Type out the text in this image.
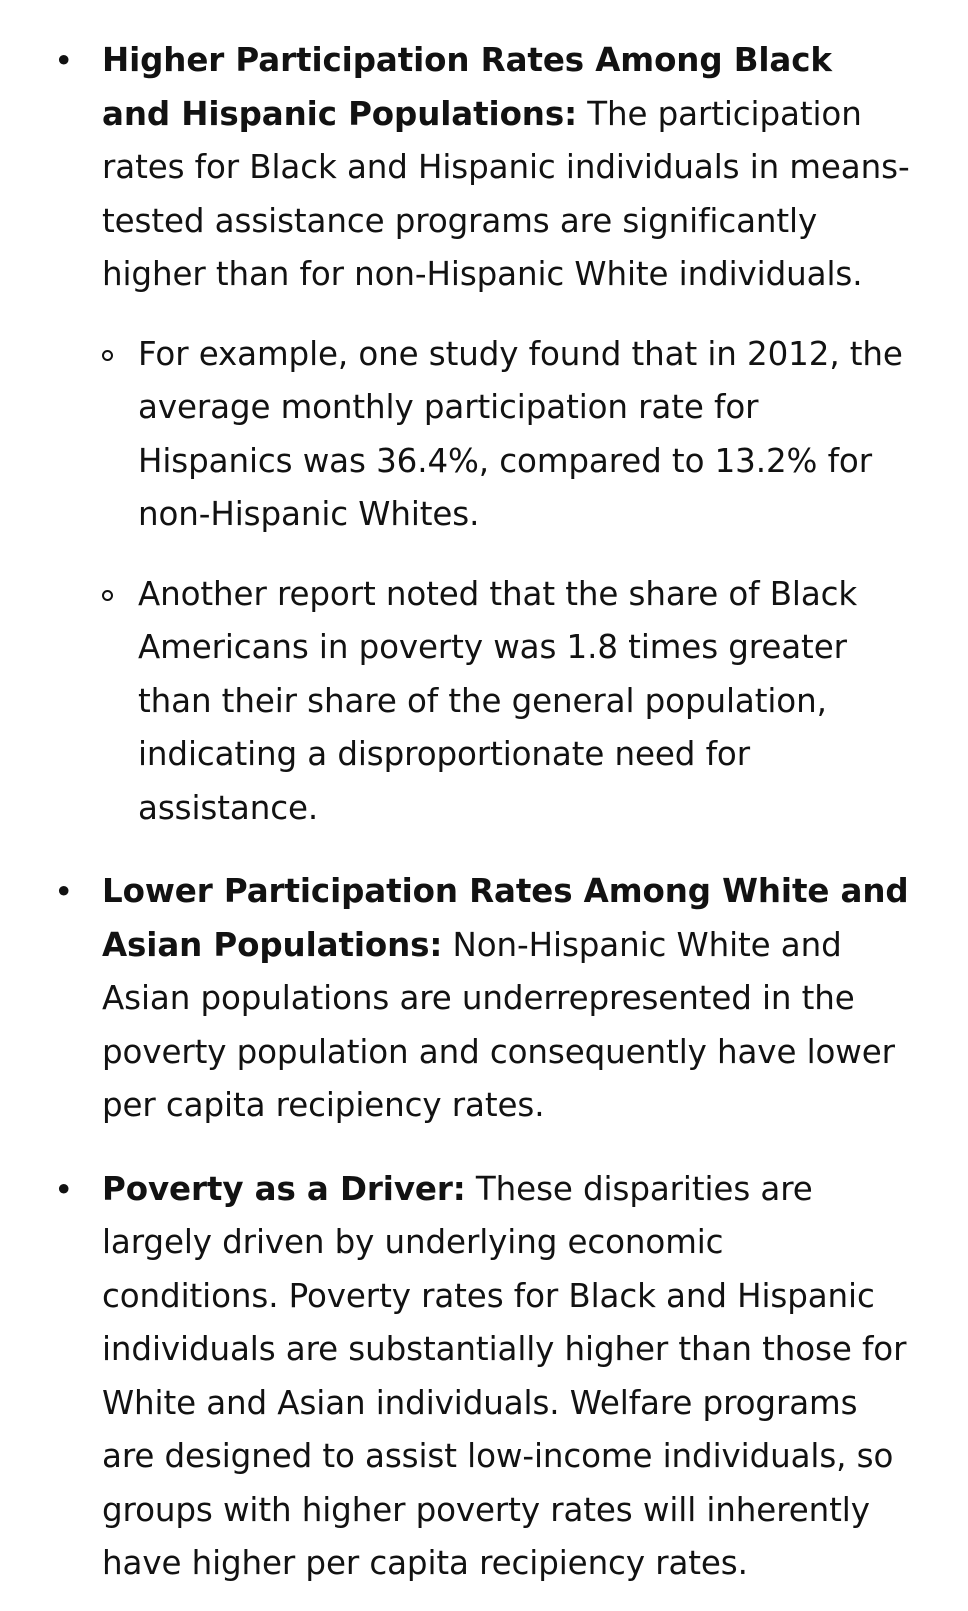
• Higher Participation Rates Among Black and Hispanic Populations: The participation rates for Black and Hispanic individuals in means-tested assistance programs are significantly higher than for non-Hispanic White individuals.
For example, one study found that in 2012, the average monthly participation rate for Hispanics was 36.4%, compared to 13.2% for non-Hispanic Whites.
Another report noted that the share of Black Americans in poverty was 1.8 times greater than their share of the general population, indicating a disproportionate need for assistance.
• Lower Participation Rates Among White and Asian Populations: Non-Hispanic White and Asian populations are underrepresented in the poverty population and consequently have lower per capita recipiency rates.
• Poverty as a Driver: These disparities are largely driven by underlying economic conditions. Poverty rates for Black and Hispanic individuals are substantially higher than those for White and Asian individuals. Welfare programs are designed to assist low-income individuals, so groups with higher poverty rates will inherently have higher per capita recipiency rates.
